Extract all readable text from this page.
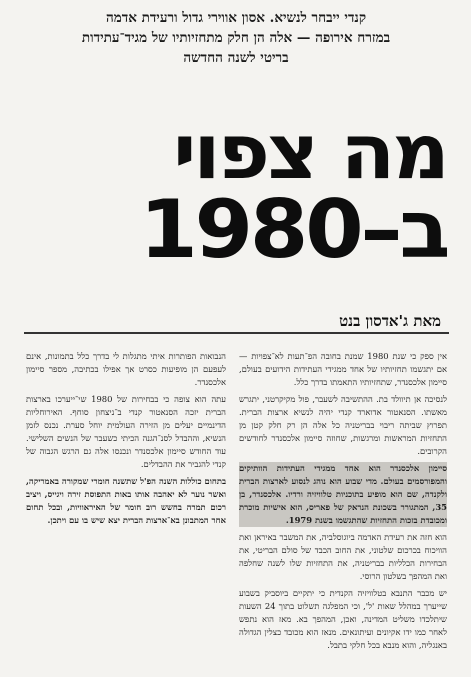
קנדי ייבחר לנשיא. אסון אווירי גדול ורעידת אדמה
במזרח אירופה — אלה הן חלק מתחזיותיו של מגיד־עתידות
בריטי לשנה החדשה
מה צפוי
ב–1980
מאת ג'אדסון בנט

אין ספק כי שנת 1980 שמנת בחובה הפ־תעות לא־צפויות — אם יתגשמו תחזיותיו של אחד ממגידי העתידות הידועים בעולם, סיימון אלכסנדר, שתחזיותיו התאמתו בדרך כלל.

לנסיכה אן תיוולד בת. ההתשיבה לשעבר, פול מקיקרטני, יתגרש מאשתו. הסנאטור אדוארד קנדי יהיה לנשיא ארצות הברית. תפרוץ שביתה ריבוי בבריטניה כל אלה הן רק חלק קטן מן התחזיות המראשות ומרגשות, שחוזה סיימון אלכסנדר לחודשים הקרובים.

סיימון אלכסנדר הוא אחד ממגידי העתידות הוותיקים והמפורסמים בעולם. מדי שבוע הוא נוהג לנסוע לארצות הברית ולקנדה, שם הוא מופיע בתוכניות טלוויזיה ורדיו. אלכסנדר, בן 35, המתגורר בשכונת הנראק של פאריס, הוא אישיות מוכרת ומכובדת בזכות התחזיות שהתגשמו בשנת 1979.

הוא חזה את רעידת האדמה ביוגוסלביה, את המשבר באיראן ואת הוויכוח בכרכום שלטוני, את החוב הכבד של סולם הבריטי, את הבחירות הכלליות בבריטניה, את התחזיות שלו לשנה שחלפה ואת המהפך בשלטון הרוסי.

יש מכבר התנבא בטלוויזיה הקנדית כי יתקיים ביוסביק בשבוע שייערך במהלל שאות 'ל', וכי המפלגה תשלוט בתוך 24 השעות שיתלכדו משליט המדינה, ואכן, המהפך בא. מאז הוא נתפש לאחר כמו ידו אקיונים ועיתונאים. מנאז הוא מכובד כצלין הגדולה באנגליה, והוא מנבא בכל חלקי בתבל.

הנבואות הפותרות איתי מתגלות לי בדרך כלל בתמונות, אינם לעפעם הן מופיעות כסרט אך אפילו בכתיבה, מספר סיימון אלכסנדר.

עתה הוא צופה כי בבחירות של 1980 שי־ייערכו בארצות הברית יזכה הסנאטור קנדי ב־ניצחון סוחף. האירוחליות הדינמיים יעלים מן הזירה העולמית יוחל סערת. נכנס לזמן הנשיא, וההבדל לסנ־הגנה הכיתי כשעבר של הנשים השלישי. עוד החודש סיימון אלכסנדר ונכנסו אלה גם הרגש הגבוה של קנדי להגביר את ההבדלים.

בתחום כוללות השנה הפ'ל שתשנה חומרי שמקורה באמריקה, ואשר נוער לא יאהבה אותו באות התפוסת זירה ויגייס, ויציב רכום תמרה בחשש רוב חומר של האיראוויות, ובכל תחום אחר המתבונן בא־ארצות הברית יצא שיש בו עם ויתכן.
